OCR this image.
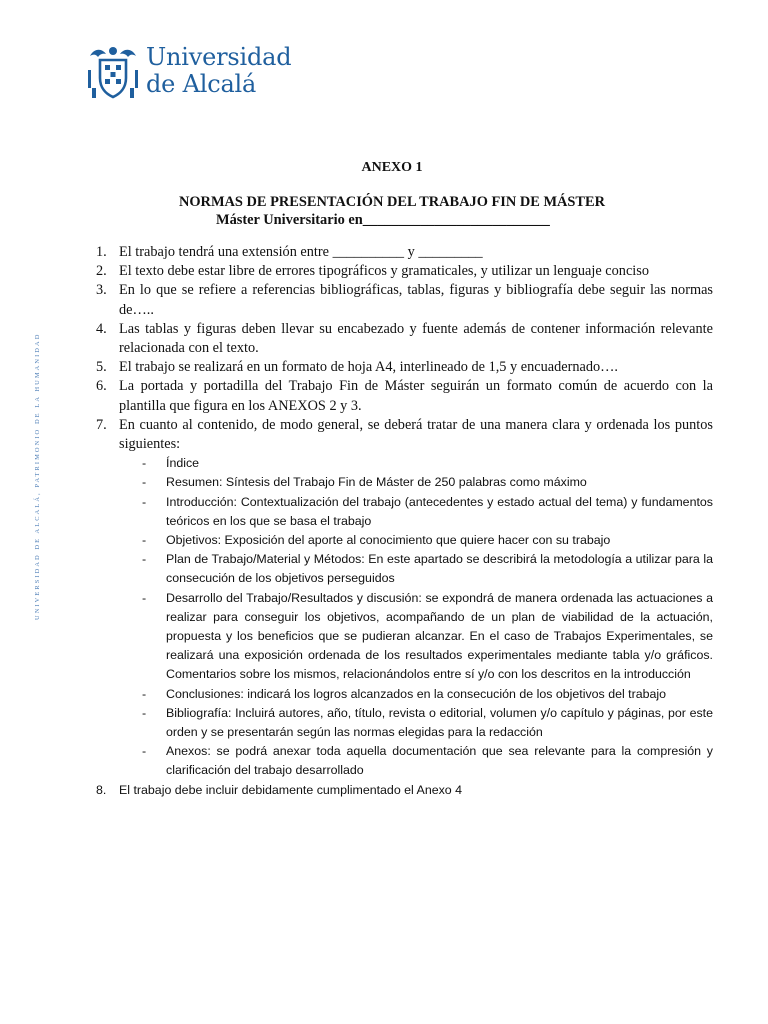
Universidad
de Alcalá
UNIVERSIDAD DE ALCALÁ, PATRIMONIO DE LA HUMANIDAD
ANEXO 1
NORMAS DE PRESENTACIÓN DEL TRABAJO FIN DE MÁSTER
Máster Universitario en__________________________
1. El trabajo tendrá una extensión entre __________ y _________
2. El texto debe estar libre de errores tipográficos y gramaticales, y utilizar un lenguaje conciso
3. En lo que se refiere a referencias bibliográficas, tablas, figuras y bibliografía debe seguir las normas de…..
4. Las tablas y figuras deben llevar su encabezado y fuente además de contener información relevante relacionada con el texto.
5. El trabajo se realizará en un formato de hoja A4, interlineado de 1,5 y encuadernado….
6. La portada y portadilla del Trabajo Fin de Máster seguirán un formato común de acuerdo con la plantilla que figura en los ANEXOS 2 y 3.
7. En cuanto al contenido, de modo general, se deberá tratar de una manera clara y ordenada los puntos siguientes:
- Índice
- Resumen: Síntesis del Trabajo Fin de Máster de 250 palabras como máximo
- Introducción: Contextualización del trabajo (antecedentes y estado actual del tema) y fundamentos teóricos en los que se basa el trabajo
- Objetivos: Exposición del aporte al conocimiento que quiere hacer con su trabajo
- Plan de Trabajo/Material y Métodos: En este apartado se describirá la metodología a utilizar para la consecución de los objetivos perseguidos
- Desarrollo del Trabajo/Resultados y discusión: se expondrá de manera ordenada las actuaciones a realizar para conseguir los objetivos, acompañando de un plan de viabilidad de la actuación, propuesta y los beneficios que se pudieran alcanzar. En el caso de Trabajos Experimentales, se realizará una exposición ordenada de los resultados experimentales mediante tabla y/o gráficos. Comentarios sobre los mismos, relacionándolos entre sí y/o con los descritos en la introducción
- Conclusiones: indicará los logros alcanzados en la consecución de los objetivos del trabajo
- Bibliografía: Incluirá autores, año, título, revista o editorial, volumen y/o capítulo y páginas, por este orden y se presentarán según las normas elegidas para la redacción
- Anexos: se podrá anexar toda aquella documentación que sea relevante para la compresión y clarificación del trabajo desarrollado
8. El trabajo debe incluir debidamente cumplimentado el Anexo 4
